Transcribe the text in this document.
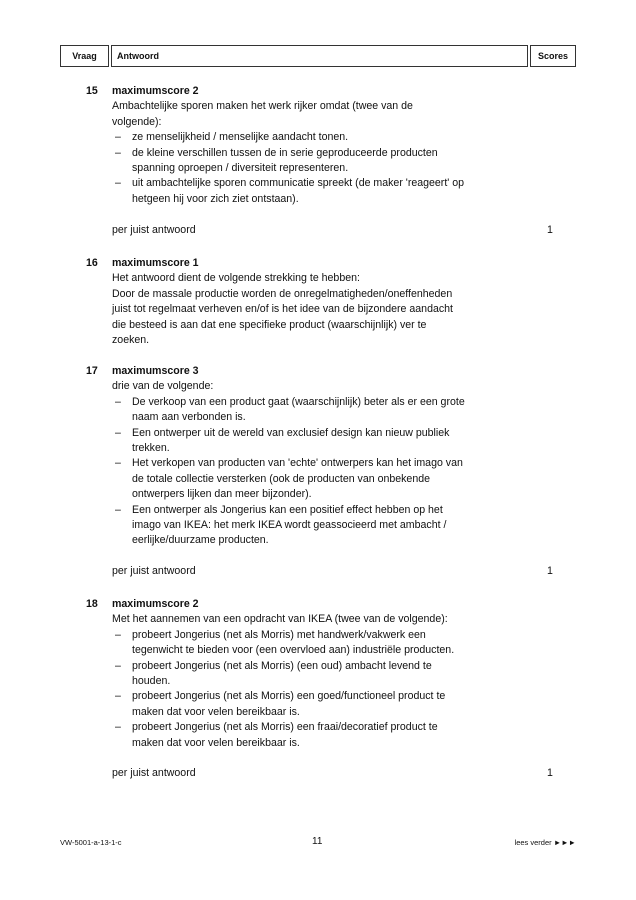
Vraag	Antwoord	Scores
15 maximumscore 2
Ambachtelijke sporen maken het werk rijker omdat (twee van de
volgende):
– ze menselijkheid / menselijke aandacht tonen.
– de kleine verschillen tussen de in serie geproduceerde producten
spanning oproepen / diversiteit representeren.
– uit ambachtelijke sporen communicatie spreekt (de maker 'reageert' op
hetgeen hij voor zich ziet ontstaan).
per juist antwoord	1
16 maximumscore 1
Het antwoord dient de volgende strekking te hebben:
Door de massale productie worden de onregelmatigheden/oneffenheden
juist tot regelmaat verheven en/of is het idee van de bijzondere aandacht
die besteed is aan dat ene specifieke product (waarschijnlijk) ver te
zoeken.
17 maximumscore 3
drie van de volgende:
– De verkoop van een product gaat (waarschijnlijk) beter als er een grote
naam aan verbonden is.
– Een ontwerper uit de wereld van exclusief design kan nieuw publiek
trekken.
– Het verkopen van producten van 'echte' ontwerpers kan het imago van
de totale collectie versterken (ook de producten van onbekende
ontwerpers lijken dan meer bijzonder).
– Een ontwerper als Jongerius kan een positief effect hebben op het
imago van IKEA: het merk IKEA wordt geassocieerd met ambacht /
eerlijke/duurzame producten.
per juist antwoord	1
18 maximumscore 2
Met het aannemen van een opdracht van IKEA (twee van de volgende):
– probeert Jongerius (net als Morris) met handwerk/vakwerk een
tegenwicht te bieden voor (een overvloed aan) industriële producten.
– probeert Jongerius (net als Morris) (een oud) ambacht levend te
houden.
– probeert Jongerius (net als Morris) een goed/functioneel product te
maken dat voor velen bereikbaar is.
– probeert Jongerius (net als Morris) een fraai/decoratief product te
maken dat voor velen bereikbaar is.
per juist antwoord	1
VW-5001-a-13-1-c	11	lees verder ►►►
